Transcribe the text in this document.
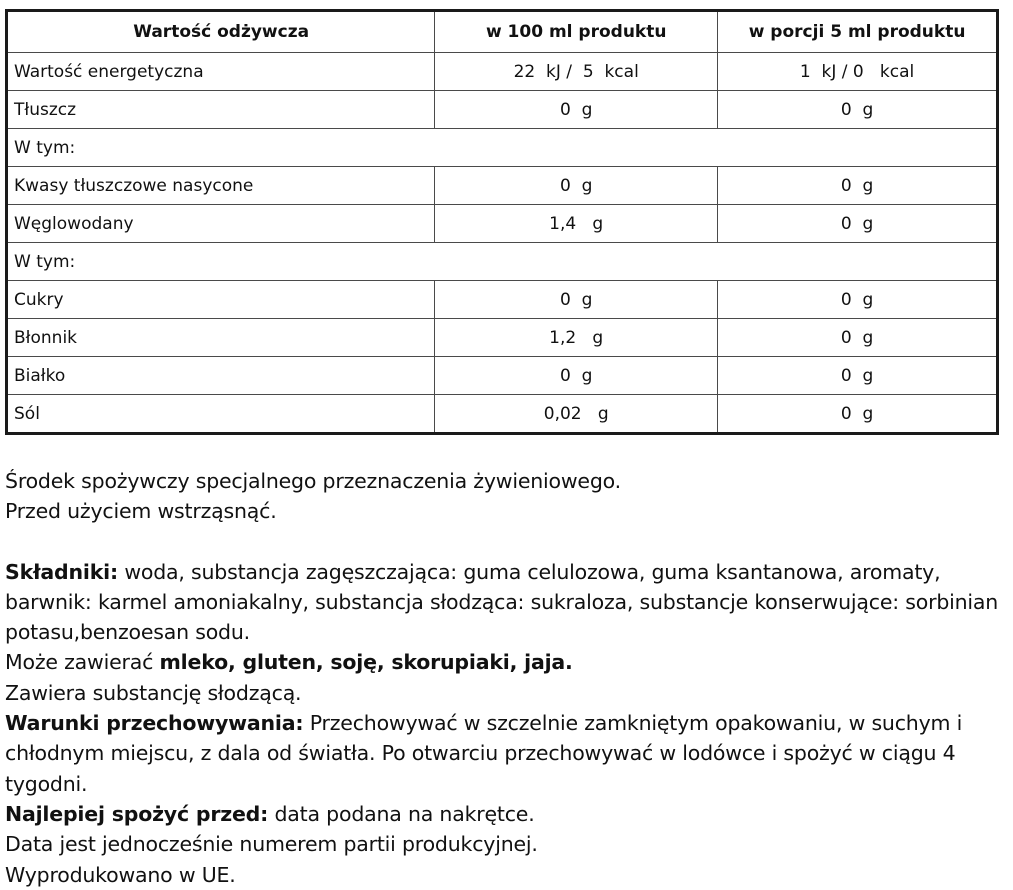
Wartość odżywcza	w 100 ml produktu	w porcji 5 ml produktu
Wartość energetyczna	22  kJ /  5  kcal	1  kJ / 0   kcal
Tłuszcz	0  g	0  g
W tym:		
Kwasy tłuszczowe nasycone	0  g	0  g
Węglowodany	1,4   g	0  g
W tym:		
Cukry	0  g	0  g
Błonnik	1,2   g	0  g
Białko	0  g	0  g
Sól	0,02   g	0  g

Środek spożywczy specjalnego przeznaczenia żywieniowego.

Przed użyciem wstrząsnąć.

Składniki: woda, substancja zagęszczająca: guma celulozowa, guma ksantanowa, aromaty, barwnik: karmel amoniakalny, substancja słodząca: sukraloza, substancje konserwujące: sorbinian potasu,benzoesan sodu.

Może zawierać mleko, gluten, soję, skorupiaki, jaja.

Zawiera substancję słodzącą.

Warunki przechowywania: Przechowywać w szczelnie zamkniętym opakowaniu, w suchym i chłodnym miejscu, z dala od światła. Po otwarciu przechowywać w lodówce i spożyć w ciągu 4 tygodni.

Najlepiej spożyć przed: data podana na nakrętce.

Data jest jednocześnie numerem partii produkcyjnej.

Wyprodukowano w UE.
